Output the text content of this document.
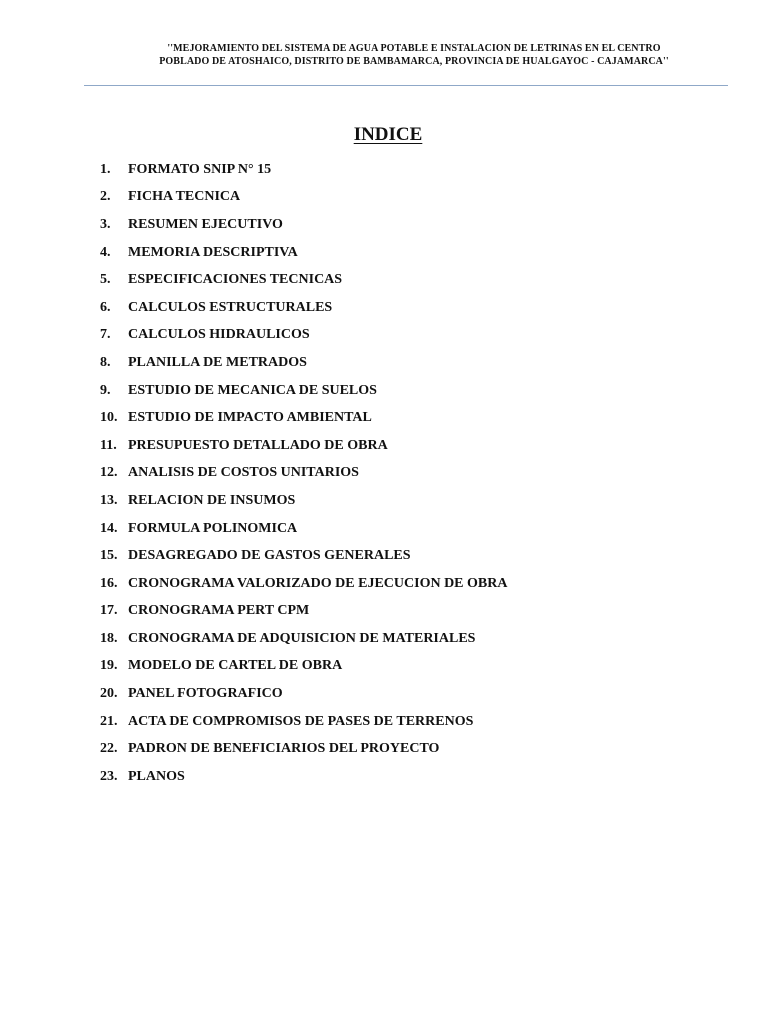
''MEJORAMIENTO DEL SISTEMA DE AGUA POTABLE E INSTALACION DE LETRINAS EN EL CENTRO POBLADO DE ATOSHAICO, DISTRITO DE BAMBAMARCA, PROVINCIA DE HUALGAYOC - CAJAMARCA''
INDICE
1.	FORMATO SNIP N° 15
2.	FICHA TECNICA
3.	RESUMEN EJECUTIVO
4.	MEMORIA DESCRIPTIVA
5.	ESPECIFICACIONES TECNICAS
6.	CALCULOS ESTRUCTURALES
7.	CALCULOS HIDRAULICOS
8.	PLANILLA DE METRADOS
9.	ESTUDIO DE MECANICA DE SUELOS
10. ESTUDIO DE IMPACTO AMBIENTAL
11. PRESUPUESTO DETALLADO DE OBRA
12. ANALISIS DE COSTOS UNITARIOS
13. RELACION DE INSUMOS
14. FORMULA POLINOMICA
15. DESAGREGADO DE GASTOS GENERALES
16. CRONOGRAMA VALORIZADO DE EJECUCION DE OBRA
17. CRONOGRAMA PERT CPM
18. CRONOGRAMA DE ADQUISICION DE MATERIALES
19. MODELO DE CARTEL DE OBRA
20. PANEL FOTOGRAFICO
21. ACTA DE COMPROMISOS DE PASES DE TERRENOS
22. PADRON DE BENEFICIARIOS DEL PROYECTO
23. PLANOS
